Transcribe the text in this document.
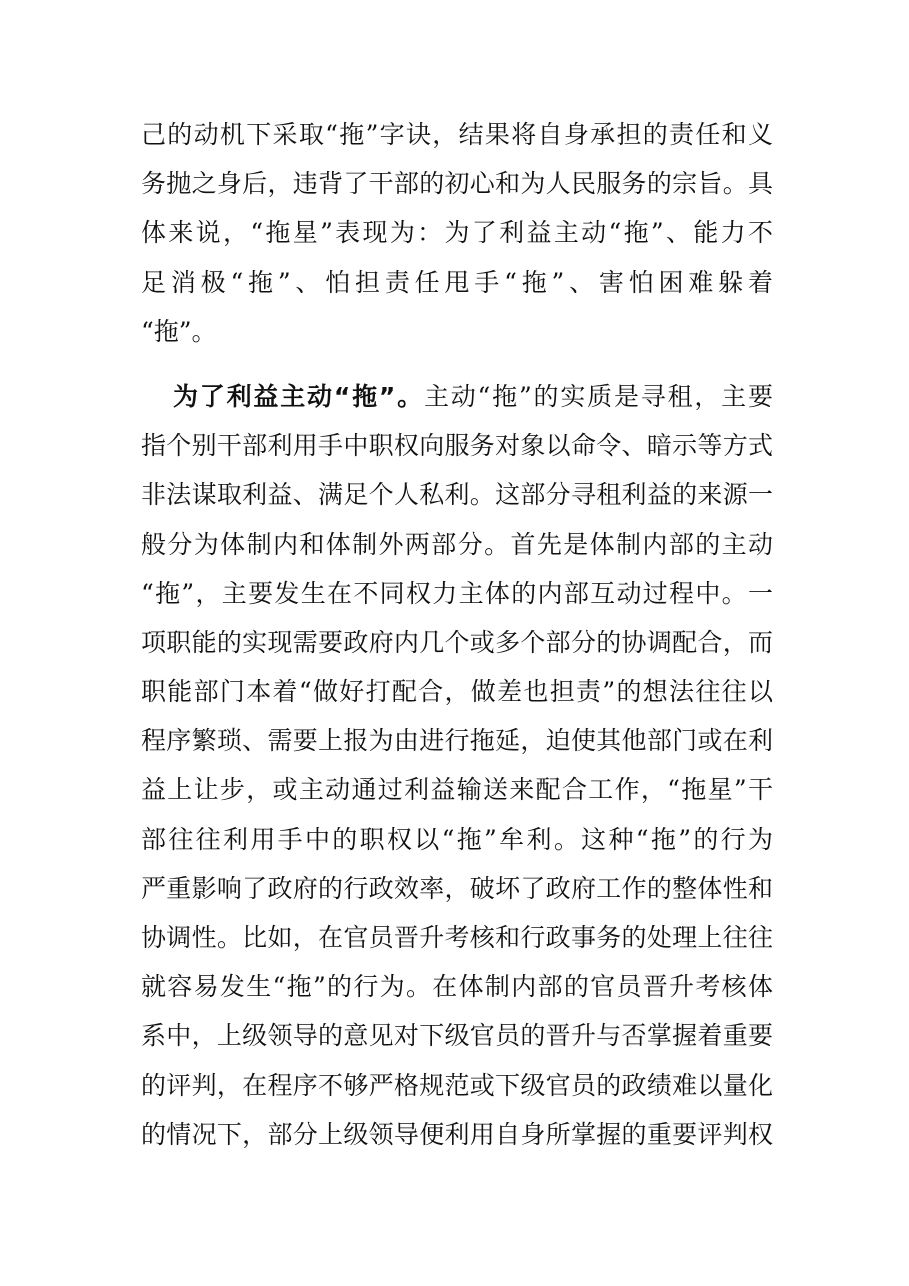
己的动机下采取“拖”字诀，结果将自身承担的责任和义
务抛之身后，违背了干部的初心和为人民服务的宗旨。具
体来说，“拖星”表现为：为了利益主动“拖”、能力不
足消极“拖”、怕担责任甩手“拖”、害怕困难躲着
“拖”。
为了利益主动“拖”。主动“拖”的实质是寻租，主要
指个别干部利用手中职权向服务对象以命令、暗示等方式
非法谋取利益、满足个人私利。这部分寻租利益的来源一
般分为体制内和体制外两部分。首先是体制内部的主动
“拖”，主要发生在不同权力主体的内部互动过程中。一
项职能的实现需要政府内几个或多个部分的协调配合，而
职能部门本着“做好打配合，做差也担责”的想法往往以
程序繁琐、需要上报为由进行拖延，迫使其他部门或在利
益上让步，或主动通过利益输送来配合工作，“拖星”干
部往往利用手中的职权以“拖”牟利。这种“拖”的行为
严重影响了政府的行政效率，破坏了政府工作的整体性和
协调性。比如，在官员晋升考核和行政事务的处理上往往
就容易发生“拖”的行为。在体制内部的官员晋升考核体
系中，上级领导的意见对下级官员的晋升与否掌握着重要
的评判，在程序不够严格规范或下级官员的政绩难以量化
的情况下，部分上级领导便利用自身所掌握的重要评判权
